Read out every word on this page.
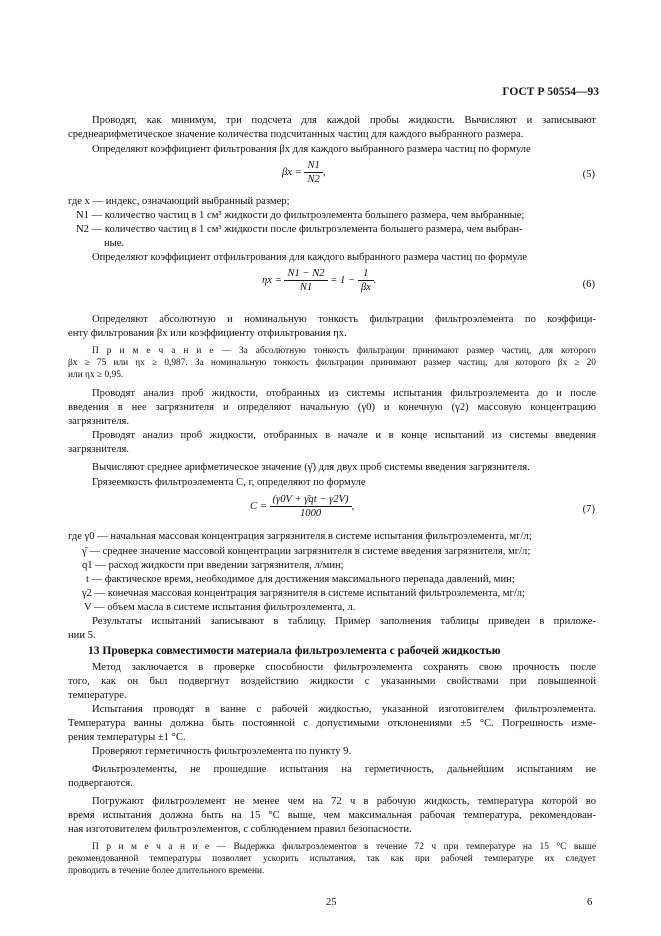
ГОСТ Р 50554—93
Проводят, как минимум, три подсчета для каждой пробы жидкости. Вычисляют и записывают
среднеарифметическое значение количества подсчитанных частиц для каждого выбранного размера.
Определяют коэффициент фильтрования βx для каждого выбранного размера частиц по формуле
$\beta x = \frac{N1}{N2}$ ,	(5)
где x — индекс, означающий выбранный размер;
N1 — количество частиц в 1 см³ жидкости до фильтроэлемента большего размера, чем выбранные;
N2 — количество частиц в 1 см³ жидкости после фильтроэлемента большего размера, чем выбран-
ные.
Определяют коэффициент отфильтрования для каждого выбранного размера частиц по формуле
$\eta x = \frac{N1 - N2}{N1} = 1 - \frac{1}{\beta x}$ .	(6)
Определяют абсолютную и номинальную тонкость фильтрации фильтроэлемента по коэффици-
енту фильтрования βx или коэффициенту отфильтрования ηx.
П р и м е ч а н и е — За абсолютную тонкость фильтрации принимают размер частиц, для которого
βx ≥ 75 или ηx ≥ 0,987. За номинальную тонкость фильтрации принимают размер частиц, для которого βx ≥ 20
или ηx ≥ 0,95.
Проводят анализ проб жидкости, отобранных из системы испытания фильтроэлемента до и после
введения в нее загрязнителя и определяют начальную (γ0) и конечную (γ2) массовую концентрацию
загрязнителя.
Проводят анализ проб жидкости, отобранных в начале и в конце испытаний из системы введения
загрязнителя.
Вычисляют среднее арифметическое значение (γ̄) для двух проб системы введения загрязнителя.
Грязеемкость фильтроэлемента C, г, определяют по формуле
$C = \frac{(\gamma 0V + \gammāqt - \gamma 2V)}{1000}$ ,	(7)
где γ0 — начальная массовая концентрация загрязнителя в системе испытания фильтроэлемента, мг/л;
γ̄ — среднее значение массовой концентрации загрязнителя в системе введения загрязнителя, мг/л;
q1 — расход жидкости при введении загрязнителя, л/мин;
t — фактическое время, необходимое для достижения максимального перепада давлений, мин;
γ2 — конечная массовая концентрация загрязнителя в системе испытаний фильтроэлемента, мг/л;
V — объем масла в системе испытания фильтроэлемента, л.
Результаты испытаний записывают в таблицу. Пример заполнения таблицы приведен в приложе-
нии 5.
13 Проверка совместимости материала фильтроэлемента с рабочей жидкостью
Метод заключается в проверке способности фильтроэлемента сохранять свою прочность после
того, как он был подвергнут воздействию жидкости с указанными свойствами при повышенной
температуре.
Испытания проводят в ванне с рабочей жидкостью, указанной изготовителем фильтроэлемента.
Температура ванны должна быть постоянной с допустимыми отклонениями ±5 °С. Погрешность изме-
рения температуры ±1 °С.
Проверяют герметичность фильтроэлемента по пункту 9.
Фильтроэлементы, не прошедшие испытания на герметичность, дальнейшим испытаниям не
подвергаются.
Погружают фильтроэлемент не менее чем на 72 ч в рабочую жидкость, температура которой во
время испытания должна быть на 15 °С выше, чем максимальная рабочая температура, рекомендован-
ная изготовителем фильтроэлементов, с соблюдением правил безопасности.
П р и м е ч а н и е — Выдержка фильтроэлементов в течение 72 ч при температуре на 15 °С выше
рекомендованной температуры позволяет ускорить испытания, так как при рабочей температуре их следует
проводить в течение более длительного времени.
25	6
